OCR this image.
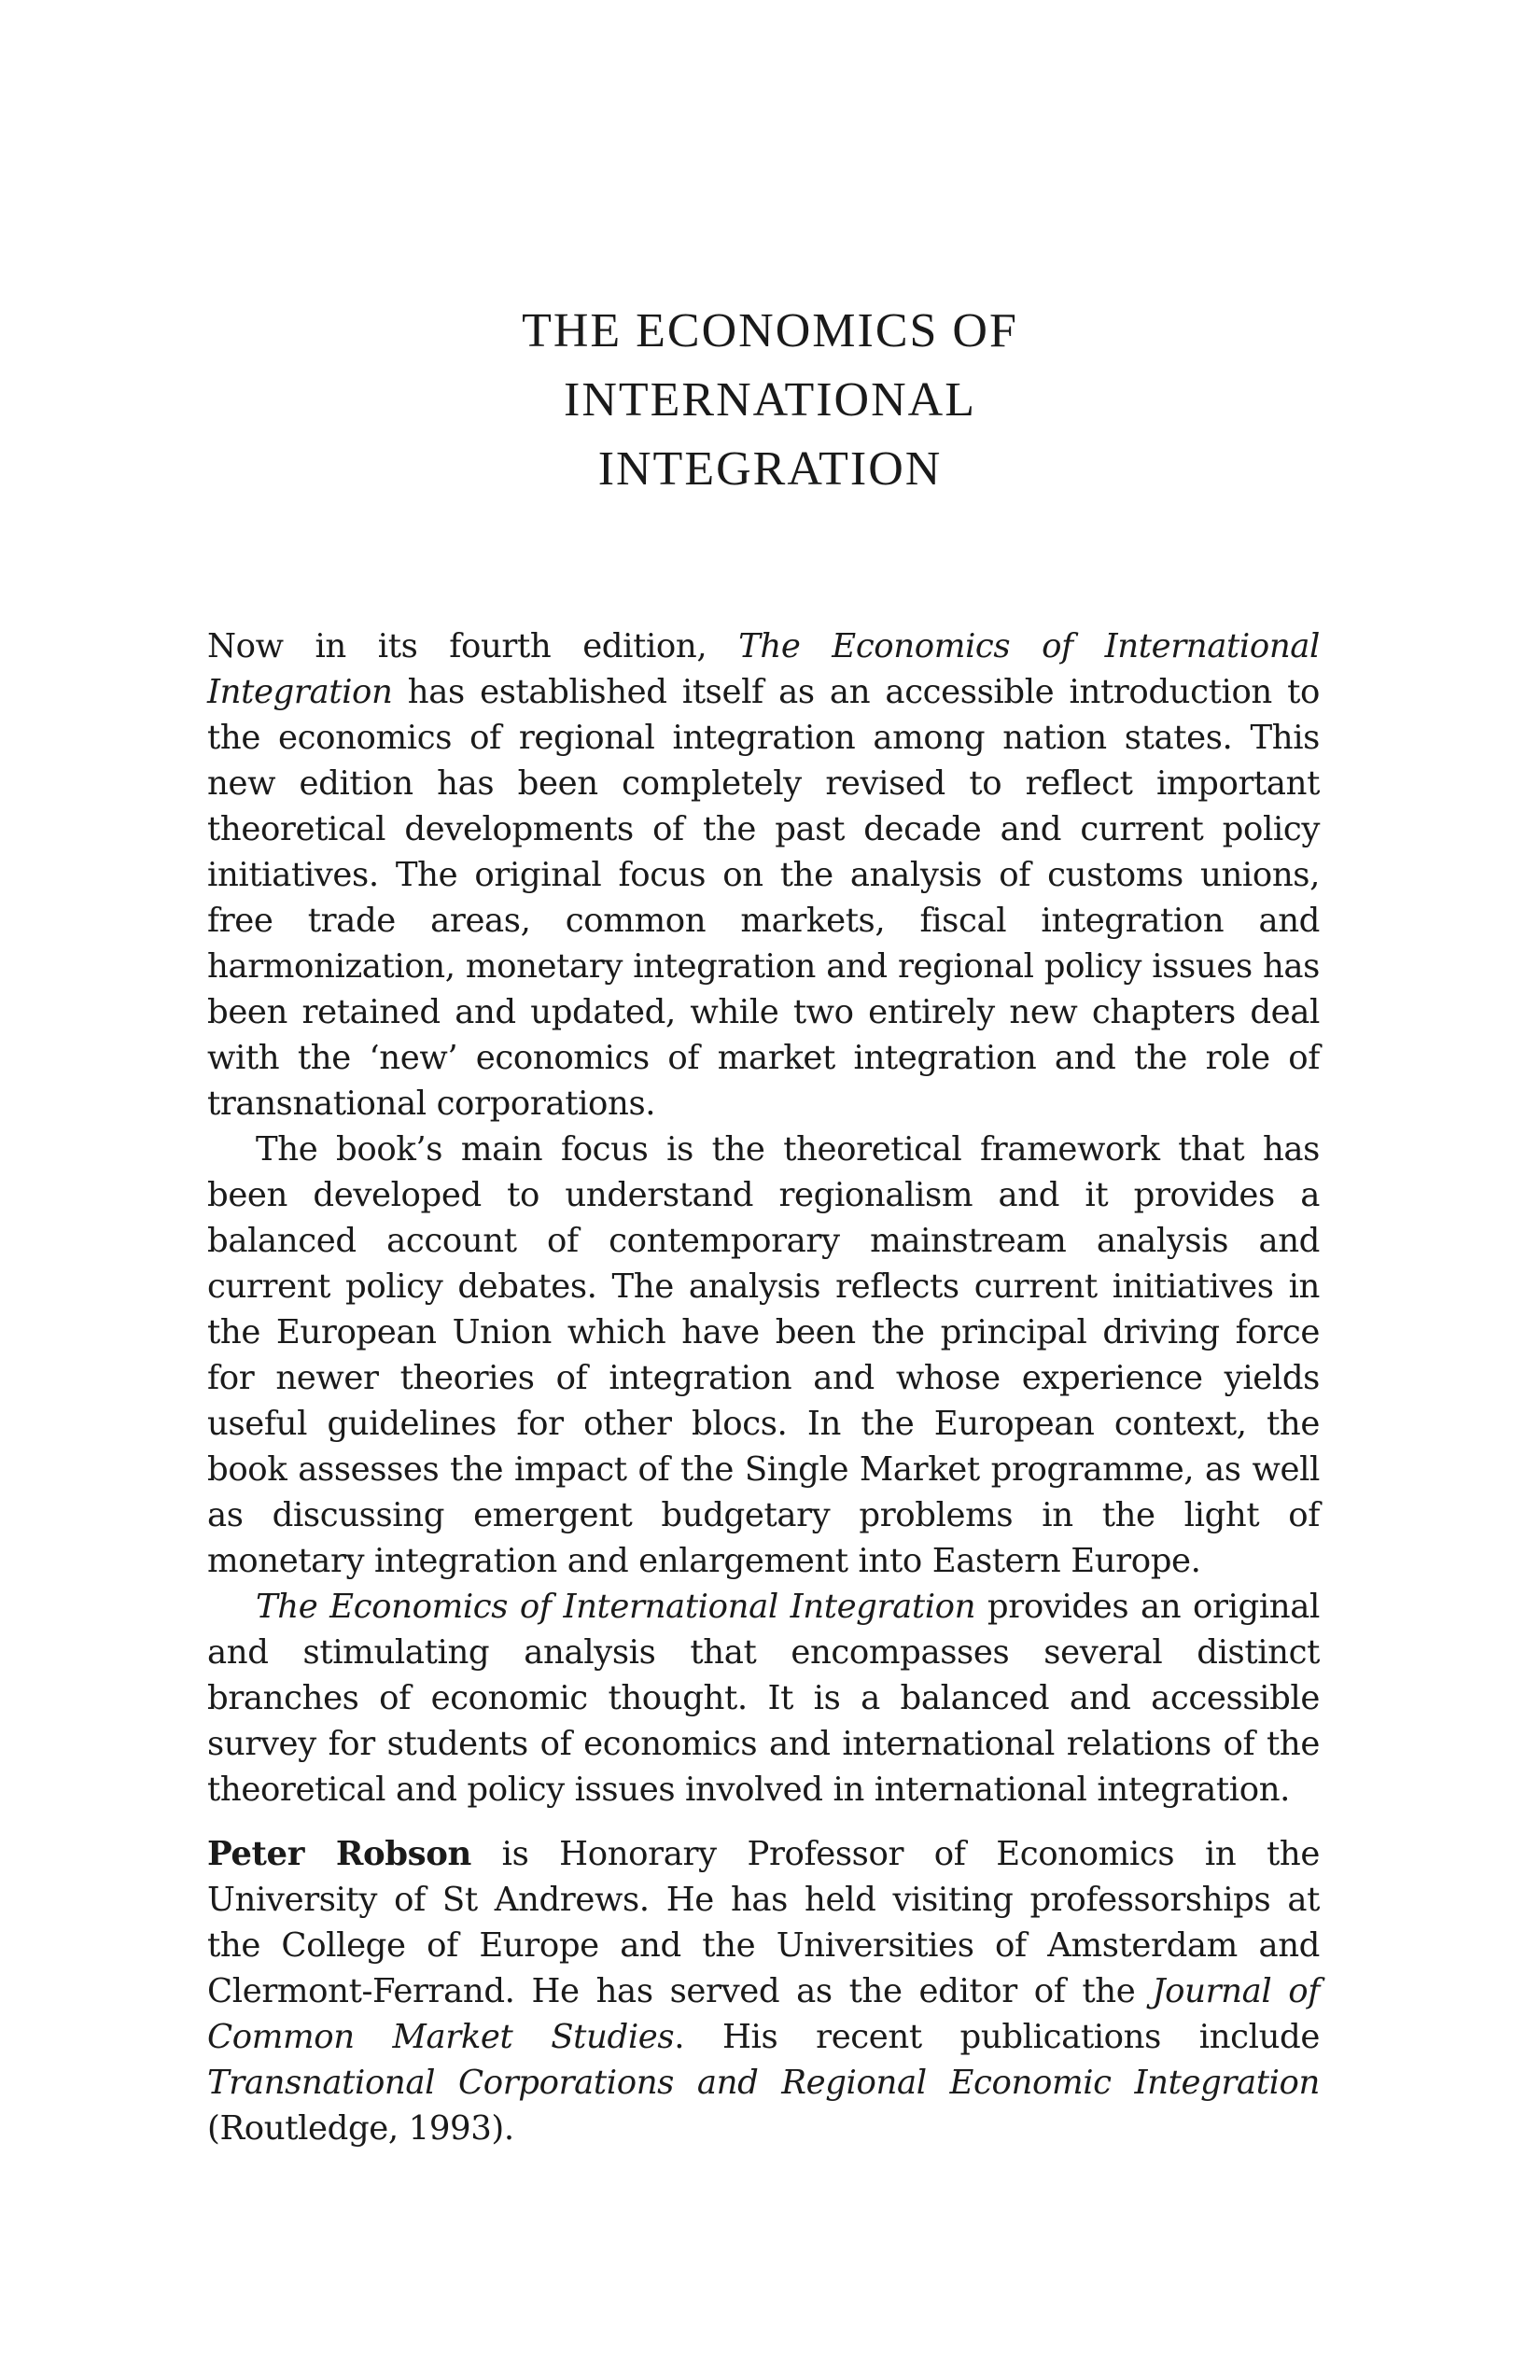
THE ECONOMICS OF
INTERNATIONAL
INTEGRATION

Now in its fourth edition, The Economics of International Integration has established itself as an accessible introduction to the economics of regional integration among nation states. This new edition has been completely revised to reflect important theoretical developments of the past decade and current policy initiatives. The original focus on the analysis of customs unions, free trade areas, common markets, fiscal integration and harmonization, monetary integration and regional policy issues has been retained and updated, while two entirely new chapters deal with the ‘new’ economics of market integration and the role of transnational corporations.

The book’s main focus is the theoretical framework that has been developed to understand regionalism and it provides a balanced account of contemporary mainstream analysis and current policy debates. The analysis reflects current initiatives in the European Union which have been the principal driving force for newer theories of integration and whose experience yields useful guidelines for other blocs. In the European context, the book assesses the impact of the Single Market programme, as well as discussing emergent budgetary problems in the light of monetary integration and enlargement into Eastern Europe.

The Economics of International Integration provides an original and stimulating analysis that encompasses several distinct branches of economic thought. It is a balanced and accessible survey for students of economics and international relations of the theoretical and policy issues involved in international integration.

Peter Robson is Honorary Professor of Economics in the University of St Andrews. He has held visiting professorships at the College of Europe and the Universities of Amsterdam and Clermont-Ferrand. He has served as the editor of the Journal of Common Market Studies. His recent publications include Transnational Corporations and Regional Economic Integration (Routledge, 1993).
